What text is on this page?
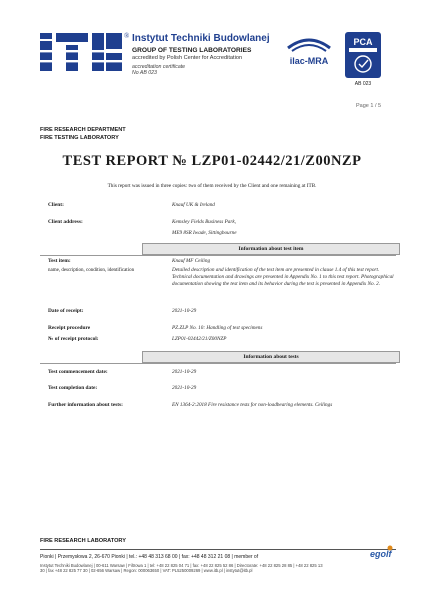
® Instytut Techniki Budowlanej
GROUP OF TESTING LABORATORIES
accredited by Polish Center for Accreditation
accreditation certificate
No AB 023
ilac-MRA
PCA
AB 023
Page 1 / 5
FIRE RESEARCH DEPARTMENT
FIRE TESTING LABORATORY
TEST REPORT № LZP01-02442/21/Z00NZP
This report was issued in three copies: two of them received by the Client and one remaining at ITB.
Client:	Knauf UK & Ireland
Client address:	Kemsley Fields Business Park,
ME9 8SR Iwade, Sittingbourne
Information about test item
Test item:	Knauf MF Ceiling
name, description, condition, identification	Detailed description and identification of the test item are presented in clause 1.4 of this test report. Technical documentation and drawings are presented in Appendix No. 1 to this test report. Photographical documentation showing the test item and its behavior during the test is presented in Appendix No. 2.
Date of receipt:	2021-10-29
Receipt procedure	PZ.ZLP No. 10: Handling of test specimens
№ of receipt protocol:	LZP01-02442/21/Z00NZP
Information about tests
Test commencement date:	2021-10-29
Test completion date:	2021-10-29
Further information about tests:	EN 1364-2:2018 Fire resistance tests for non-loadbearing elements. Ceilings
FIRE RESEARCH LABORATORY
Pionki | Przemysłowa 2, 26-670 Pionki | tel.: +48 48 313 68 00 | fax: +48 48 312 21 08 | member of
Instytut Techniki Budowlanej | 00-611 Warsaw | Filtrowa 1 | tel: +48 22 825 04 71 | fax: +48 22 825 52 86 | Directorate: +48 22 825 28 85 | +48 22 825 13
30 | fax +48 22 825 77 30 | 02-656 Warsaw | Regon: 000063650 | VAT: PL5250009269 | www.itb.pl | instytut@itb.pl
egolf
